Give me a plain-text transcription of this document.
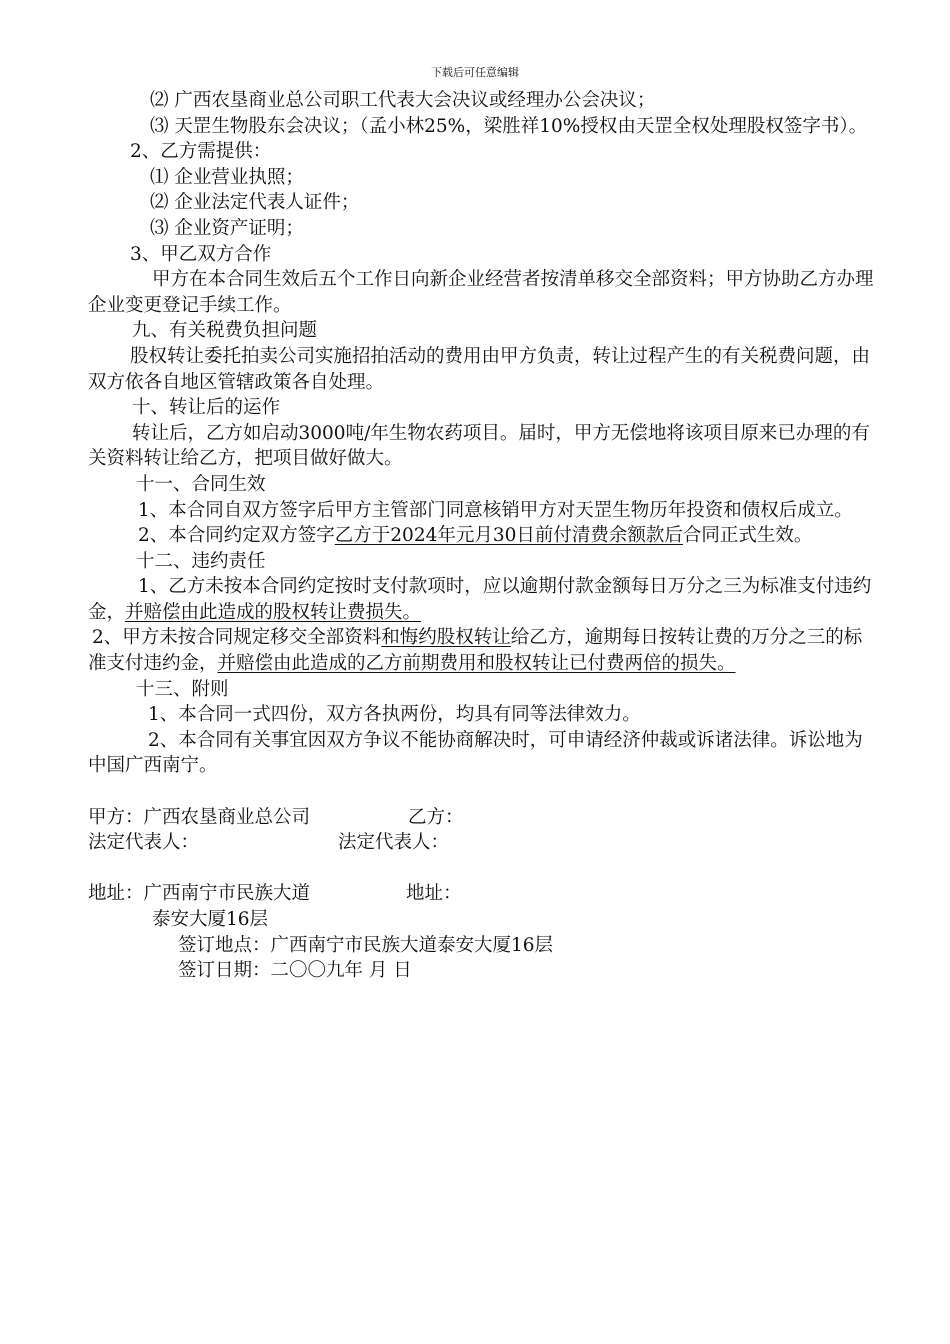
下载后可任意编辑

⑵ 广西农垦商业总公司职工代表大会决议或经理办公会决议；

⑶ 天罡生物股东会决议；（孟小林25%，梁胜祥10%授权由天罡全权处理股权签字书）。

2、乙方需提供：

⑴ 企业营业执照；

⑵ 企业法定代表人证件；

⑶ 企业资产证明；

3、甲乙双方合作

甲方在本合同生效后五个工作日向新企业经营者按清单移交全部资料；甲方协助乙方办理企业变更登记手续工作。

九、有关税费负担问题

股权转让委托拍卖公司实施招拍活动的费用由甲方负责，转让过程产生的有关税费问题，由双方依各自地区管辖政策各自处理。

十、转让后的运作

转让后，乙方如启动3000吨/年生物农药项目。届时，甲方无偿地将该项目原来已办理的有关资料转让给乙方，把项目做好做大。

十一、合同生效

1、本合同自双方签字后甲方主管部门同意核销甲方对天罡生物历年投资和债权后成立。

2、本合同约定双方签字乙方于2024年元月30日前付清费余额款后合同正式生效。

十二、违约责任

1、乙方未按本合同约定按时支付款项时，应以逾期付款金额每日万分之三为标准支付违约金，并赔偿由此造成的股权转让费损失。

2、甲方未按合同规定移交全部资料和悔约股权转让给乙方，逾期每日按转让费的万分之三的标准支付违约金，并赔偿由此造成的乙方前期费用和股权转让已付费两倍的损失。

十三、附则

1、本合同一式四份，双方各执两份，均具有同等法律效力。

2、本合同有关事宜因双方争议不能协商解决时，可申请经济仲裁或诉诸法律。诉讼地为中国广西南宁。

甲方：广西农垦商业总公司	乙方：
法定代表人：	法定代表人：
地址：广西南宁市民族大道	地址：

泰安大厦16层

签订地点：广西南宁市民族大道泰安大厦16层

签订日期：二〇〇九年 月 日
